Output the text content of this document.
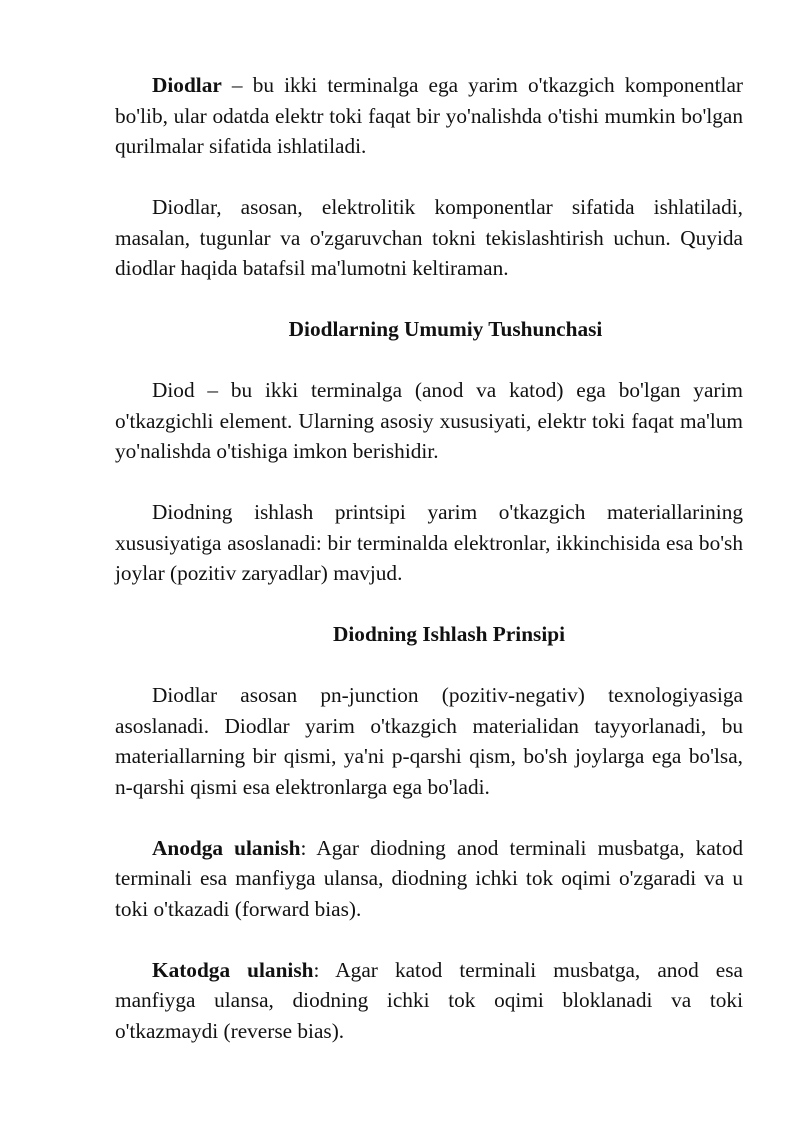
Diodlar – bu ikki terminalga ega yarim o'tkazgich komponentlar bo'lib, ular odatda elektr toki faqat bir yo'nalishda o'tishi mumkin bo'lgan qurilmalar sifatida ishlatiladi.

Diodlar, asosan, elektrolitik komponentlar sifatida ishlatiladi, masalan, tugunlar va o'zgaruvchan tokni tekislashtirish uchun. Quyida diodlar haqida batafsil ma'lumotni keltiraman.

Diodlarning Umumiy Tushunchasi

Diod – bu ikki terminalga (anod va katod) ega bo'lgan yarim o'tkazgichli element. Ularning asosiy xususiyati, elektr toki faqat ma'lum yo'nalishda o'tishiga imkon berishidir.

Diodning ishlash printsipi yarim o'tkazgich materiallarining xususiyatiga asoslanadi: bir terminalda elektronlar, ikkinchisida esa bo'sh joylar (pozitiv zaryadlar) mavjud.

Diodning Ishlash Prinsipi

Diodlar asosan pn-junction (pozitiv-negativ) texnologiyasiga asoslanadi. Diodlar yarim o'tkazgich materialidan tayyorlanadi, bu materiallarning bir qismi, ya'ni p-qarshi qism, bo'sh joylarga ega bo'lsa, n-qarshi qismi esa elektronlarga ega bo'ladi.

Anodga ulanish: Agar diodning anod terminali musbatga, katod terminali esa manfiyga ulansa, diodning ichki tok oqimi o'zgaradi va u toki o'tkazadi (forward bias).

Katodga ulanish: Agar katod terminali musbatga, anod esa manfiyga ulansa, diodning ichki tok oqimi bloklanadi va toki o'tkazmaydi (reverse bias).
